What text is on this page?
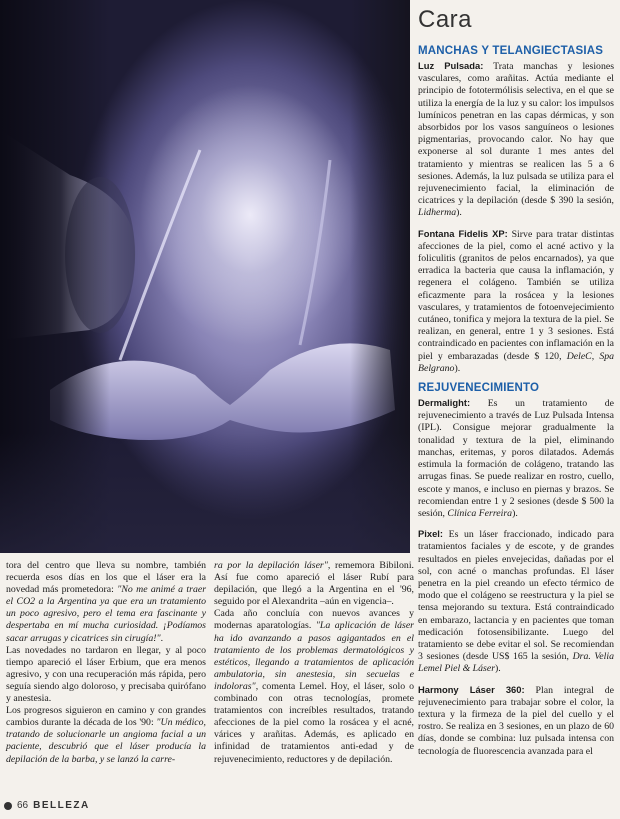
Cara
MANCHAS Y TELANGIECTASIAS

Luz Pulsada: Trata manchas y lesiones vasculares, como arañitas. Actúa mediante el principio de fototermólisis selectiva, en el que se utiliza la energía de la luz y su calor: los impulsos lumínicos penetran en las capas dérmicas, y son absorbidos por los vasos sanguíneos o lesiones pigmentarias, provocando calor. No hay que exponerse al sol durante 1 mes antes del tratamiento y mientras se realicen las 5 a 6 sesiones. Además, la luz pulsada se utiliza para el rejuvenecimiento facial, la eliminación de cicatrices y la depilación (desde $ 390 la sesión, Lidherma).

Fontana Fidelis XP: Sirve para tratar distintas afecciones de la piel, como el acné activo y la foliculitis (granitos de pelos encarnados), ya que erradica la bacteria que causa la inflamación, y regenera el colágeno. También se utiliza eficazmente para la rosácea y la lesiones vasculares, y tratamientos de fotoenvejecimiento cutáneo, tonifica y mejora la textura de la piel. Se realizan, en general, entre 1 y 3 sesiones. Está contraindicado en pacientes con inflamación en la piel y embarazadas (desde $ 120, DeleC, Spa Belgrano).

REJUVENECIMIENTO

Dermalight: Es un tratamiento de rejuvenecimiento a través de Luz Pulsada Intensa (IPL). Consigue mejorar gradualmente la tonalidad y textura de la piel, eliminando manchas, eritemas, y poros dilatados. Además estimula la formación de colágeno, tratando las arrugas finas. Se puede realizar en rostro, cuello, escote y manos, e incluso en piernas y brazos. Se recomiendan entre 1 y 2 sesiones (desde $ 500 la sesión, Clínica Ferreira).

Pixel: Es un láser fraccionado, indicado para tratamientos faciales y de escote, y de grandes resultados en pieles envejecidas, dañadas por el sol, con acné o manchas profundas. El láser penetra en la piel creando un efecto térmico de modo que el colágeno se reestructura y la piel se tensa mejorando su textura. Está contraindicado en embarazo, lactancia y en pacientes que toman medicación fotosensibilizante. Luego del tratamiento se debe evitar el sol. Se recomiendan 3 sesiones (desde US$ 165 la sesión, Dra. Velia Lemel Piel & Láser).

Harmony Láser 360: Plan integral de rejuvenecimiento para trabajar sobre el color, la textura y la firmeza de la piel del cuello y el rostro. Se realiza en 3 sesiones, en un plazo de 60 días, donde se combina: luz pulsada intensa con tecnología de fluorescencia avanzada para el

tora del centro que lleva su nombre, también recuerda esos días en los que el láser era la novedad más prometedora: "No me animé a traer el CO2 a la Argentina ya que era un tratamiento un poco agresivo, pero el tema era fascinante y despertaba en mí mucha curiosidad. ¡Podíamos sacar arrugas y cicatrices sin cirugía!".

Las novedades no tardaron en llegar, y al poco tiempo apareció el láser Erbium, que era menos agresivo, y con una recuperación más rápida, pero seguía siendo algo doloroso, y precisaba quirófano y anestesia.

Los progresos siguieron en camino y con grandes cambios durante la década de los '90: "Un médico, tratando de solucionarle un angioma facial a un paciente, descubrió que el láser producía la depilación de la barba, y se lanzó la carre-

ra por la depilación láser", rememora Bibiloni. Así fue como apareció el láser Rubí para depilación, que llegó a la Argentina en el '96, seguido por el Alexandrita –aún en vigencia–.

Cada año concluía con nuevos avances y modernas aparatologías. "La aplicación de láser ha ido avanzando a pasos agigantados en el tratamiento de los problemas dermatológicos y estéticos, llegando a tratamientos de aplicación ambulatoria, sin anestesia, sin secuelas e indoloras", comenta Lemel. Hoy, el láser, solo o combinado con otras tecnologías, promete tratamientos con increíbles resultados, tratando afecciones de la piel como la rosácea y el acné, várices y arañitas. Además, es aplicado en infinidad de tratamientos anti-edad y de rejuvenecimiento, reductores y de depilación.

66 BELLEZA
